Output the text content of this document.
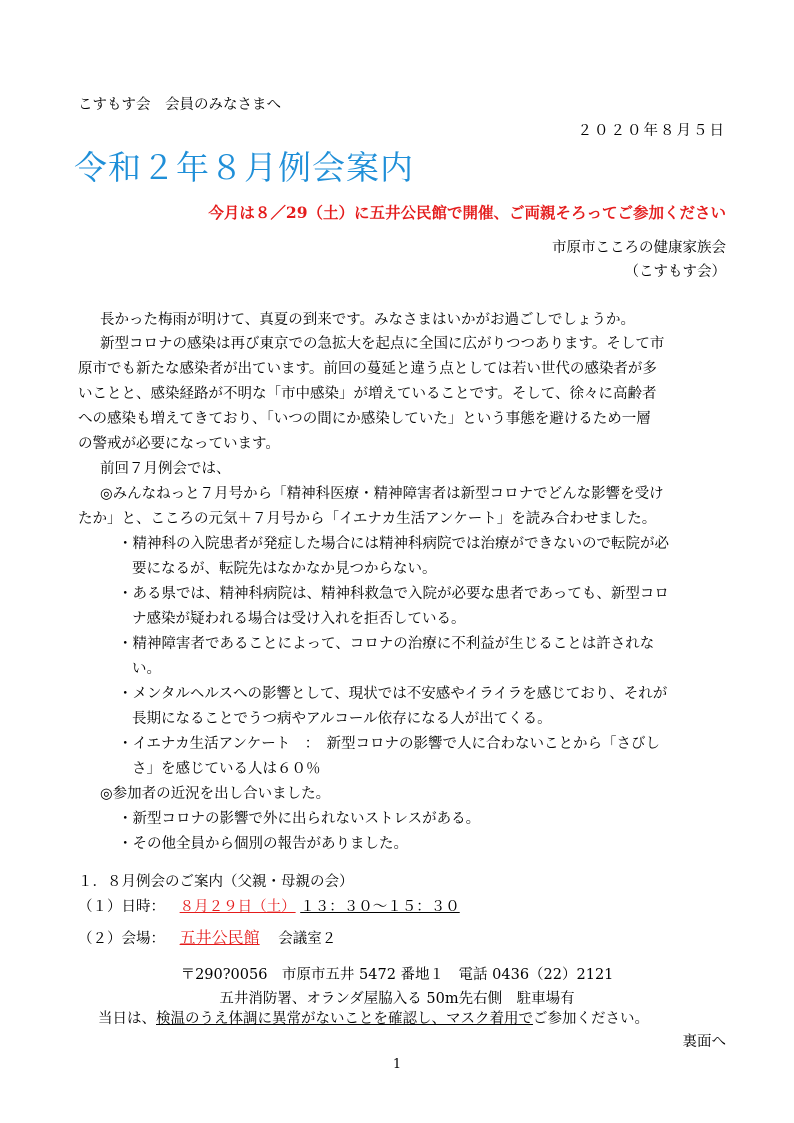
こすもす会　会員のみなさまへ
２０２０年８月５日
令和２年８月例会案内
今月は８／29（土）に五井公民館で開催、ご両親そろってご参加ください
市原市こころの健康家族会
（こすもす会）
長かった梅雨が明けて、真夏の到来です。みなさまはいかがお過ごしでしょうか。
新型コロナの感染は再び東京での急拡大を起点に全国に広がりつつあります。そして市
原市でも新たな感染者が出ています。前回の蔓延と違う点としては若い世代の感染者が多
いことと、感染経路が不明な「市中感染」が増えていることです。そして、徐々に高齢者
への感染も増えてきており、「いつの間にか感染していた」という事態を避けるため一層
の警戒が必要になっています。
前回７月例会では、
◎みんなねっと７月号から「精神科医療・精神障害者は新型コロナでどんな影響を受け
たか」と、こころの元気＋７月号から「イエナカ生活アンケート」を読み合わせました。
・精神科の入院患者が発症した場合には精神科病院では治療ができないので転院が必
要になるが、転院先はなかなか見つからない。
・ある県では、精神科病院は、精神科救急で入院が必要な患者であっても、新型コロ
ナ感染が疑われる場合は受け入れを拒否している。
・精神障害者であることによって、コロナの治療に不利益が生じることは許されな
い。
・メンタルヘルスへの影響として、現状では不安感やイライラを感じており、それが
長期になることでうつ病やアルコール依存になる人が出てくる。
・イエナカ生活アンケート　：　新型コロナの影響で人に合わないことから「さびし
さ」を感じている人は６０％
◎参加者の近況を出し合いました。
・新型コロナの影響で外に出られないストレスがある。
・その他全員から個別の報告がありました。
１．８月例会のご案内（父親・母親の会）
（１）日時： ８月２９日（土） １３：３０〜１５：３０
（２）会場： 五井公民館 会議室２
〒290?0056　市原市五井 5472 番地１　電話 0436（22）2121
五井消防署、オランダ屋脇入る 50m先右側　駐車場有
当日は、検温のうえ体調に異常がないことを確認し、マスク着用でご参加ください。
裏面へ
1
